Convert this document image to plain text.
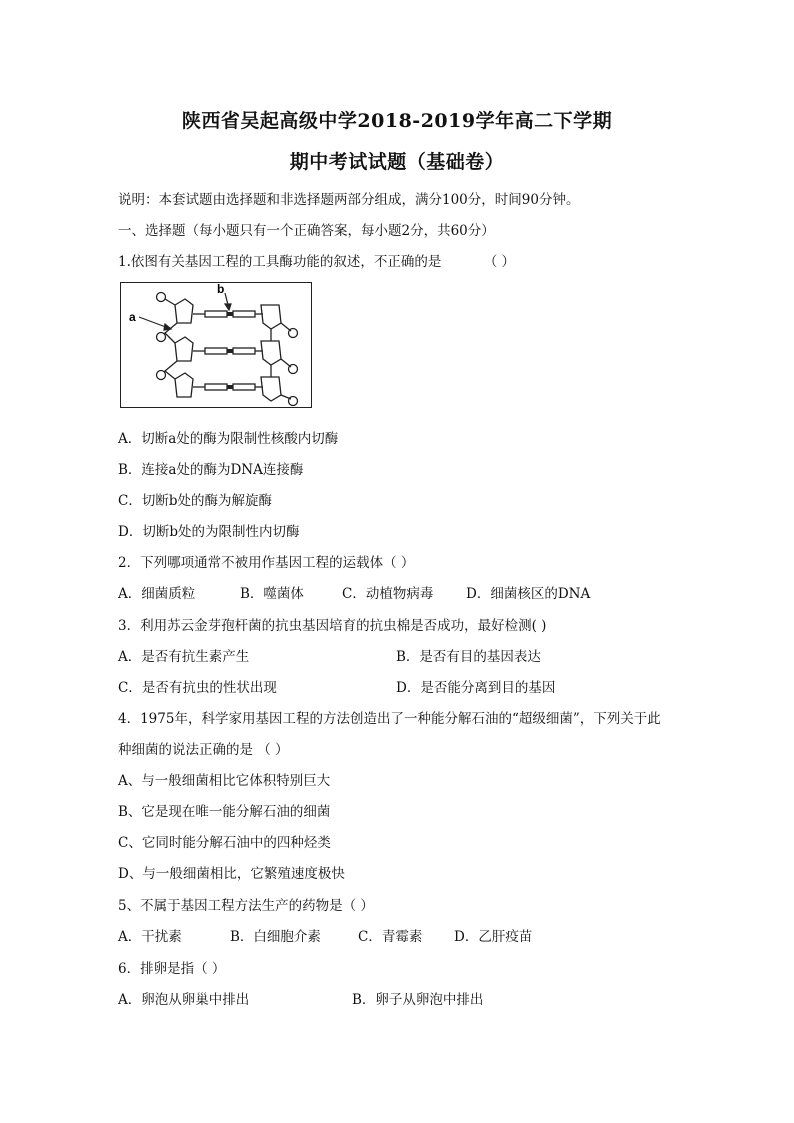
陕西省吴起高级中学2018-2019学年高二下学期
期中考试试题（基础卷）
说明：本套试题由选择题和非选择题两部分组成，满分100分，时间90分钟。
一、选择题（每小题只有一个正确答案，每小题2分，共60分）
1.依图有关基因工程的工具酶功能的叙述，不正确的是	（ ）
a
b
A．切断a处的酶为限制性核酸内切酶
B．连接a处的酶为DNA连接酶
C．切断b处的酶为解旋酶
D．切断b处的为限制性内切酶
2．下列哪项通常不被用作基因工程的运载体（ ）
A．细菌质粒	B．噬菌体	C．动植物病毒 D．细菌核区的DNA
3．利用苏云金芽孢杆菌的抗虫基因培育的抗虫棉是否成功，最好检测( )
A．是否有抗生素产生	B．是否有目的基因表达
C．是否有抗虫的性状出现	D．是否能分离到目的基因
4．1975年，科学家用基因工程的方法创造出了一种能分解石油的“超级细菌”，下列关于此
种细菌的说法正确的是 （ ）
A、与一般细菌相比它体积特别巨大
B、它是现在唯一能分解石油的细菌
C、它同时能分解石油中的四种烃类
D、与一般细菌相比，它繁殖速度极快
5、不属于基因工程方法生产的药物是（ ）
A．干扰素	B．白细胞介素	C．青霉素 D．乙肝疫苗
6．排卵是指（ ）
A．卵泡从卵巢中排出	B．卵子从卵泡中排出
